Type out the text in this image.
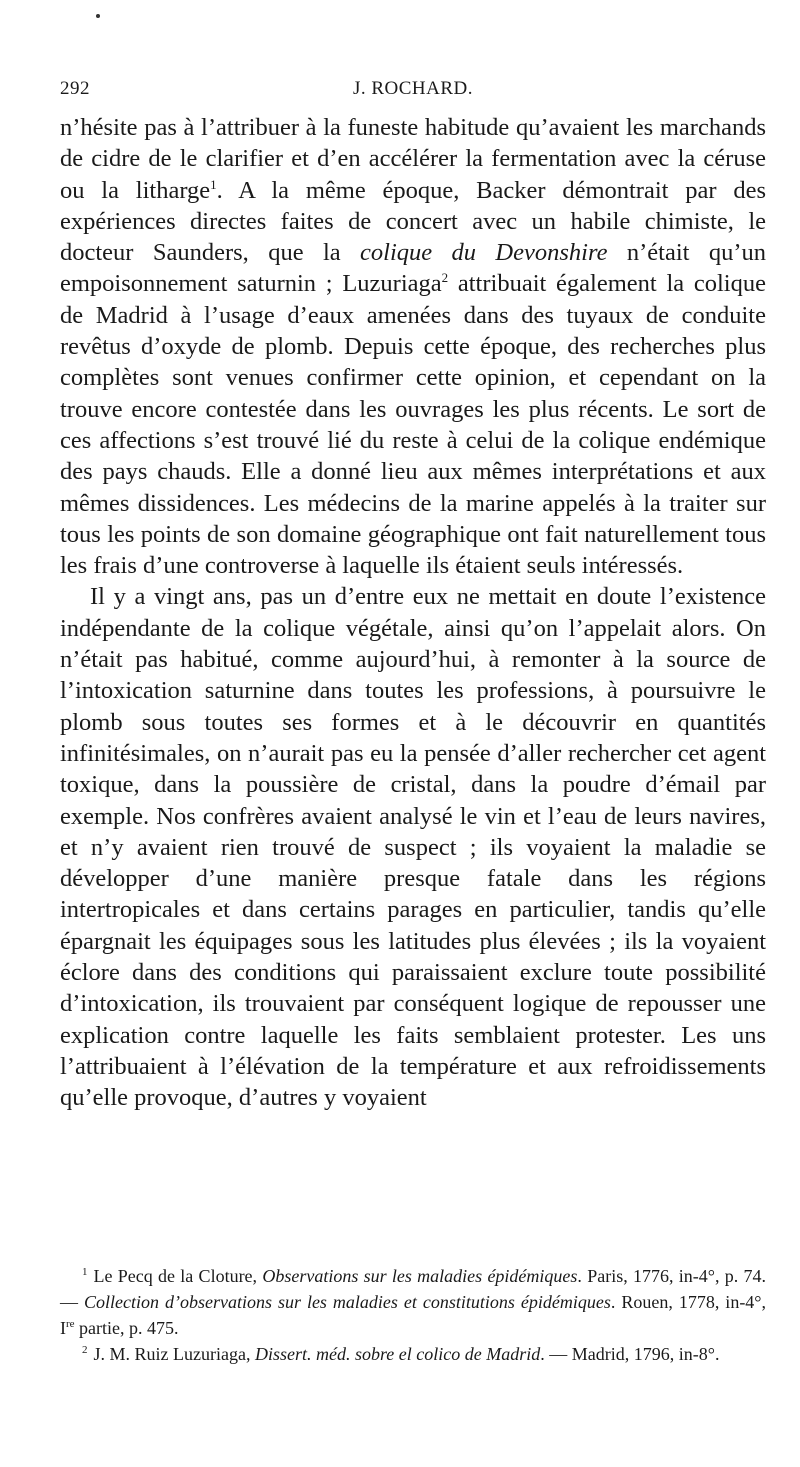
292	J. ROCHARD.

n’hésite pas à l’attribuer à la funeste habitude qu’avaient les marchands de cidre de le clarifier et d’en accélérer la fermentation avec la céruse ou la litharge$^1$. A la même époque, Backer démontrait par des expériences directes faites de concert avec un habile chimiste, le docteur Saunders, que la colique du Devonshire n’était qu’un empoisonnement saturnin ; Luzuriaga$^2$ attribuait également la colique de Madrid à l’usage d’eaux amenées dans des tuyaux de conduite revêtus d’oxyde de plomb. Depuis cette époque, des recherches plus complètes sont venues confirmer cette opinion, et cependant on la trouve encore contestée dans les ouvrages les plus récents. Le sort de ces affections s’est trouvé lié du reste à celui de la colique endémique des pays chauds. Elle a donné lieu aux mêmes interprétations et aux mêmes dissidences. Les médecins de la marine appelés à la traiter sur tous les points de son domaine géographique ont fait naturellement tous les frais d’une controverse à laquelle ils étaient seuls intéressés.

Il y a vingt ans, pas un d’entre eux ne mettait en doute l’existence indépendante de la colique végétale, ainsi qu’on l’appelait alors. On n’était pas habitué, comme aujourd’hui, à remonter à la source de l’intoxication saturnine dans toutes les professions, à poursuivre le plomb sous toutes ses formes et à le découvrir en quantités infinitésimales, on n’aurait pas eu la pensée d’aller rechercher cet agent toxique, dans la poussière de cristal, dans la poudre d’émail par exemple. Nos confrères avaient analysé le vin et l’eau de leurs navires, et n’y avaient rien trouvé de suspect ; ils voyaient la maladie se développer d’une manière presque fatale dans les régions intertropicales et dans certains parages en particulier, tandis qu’elle épargnait les équipages sous les latitudes plus élevées ; ils la voyaient éclore dans des conditions qui paraissaient exclure toute possibilité d’intoxication, ils trouvaient par conséquent logique de repousser une explication contre laquelle les faits semblaient protester. Les uns l’attribuaient à l’élévation de la température et aux refroidissements qu’elle provoque, d’autres y voyaient

$^1$ Le Pecq de la Cloture, Observations sur les maladies épidémiques. Paris, 1776, in-4°, p. 74. — Collection d’observations sur les maladies et constitutions épidémiques. Rouen, 1778, in-4°, Ire partie, p. 475.

$^2$ J. M. Ruiz Luzuriaga, Dissert. méd. sobre el colico de Madrid. — Madrid, 1796, in-8°.
